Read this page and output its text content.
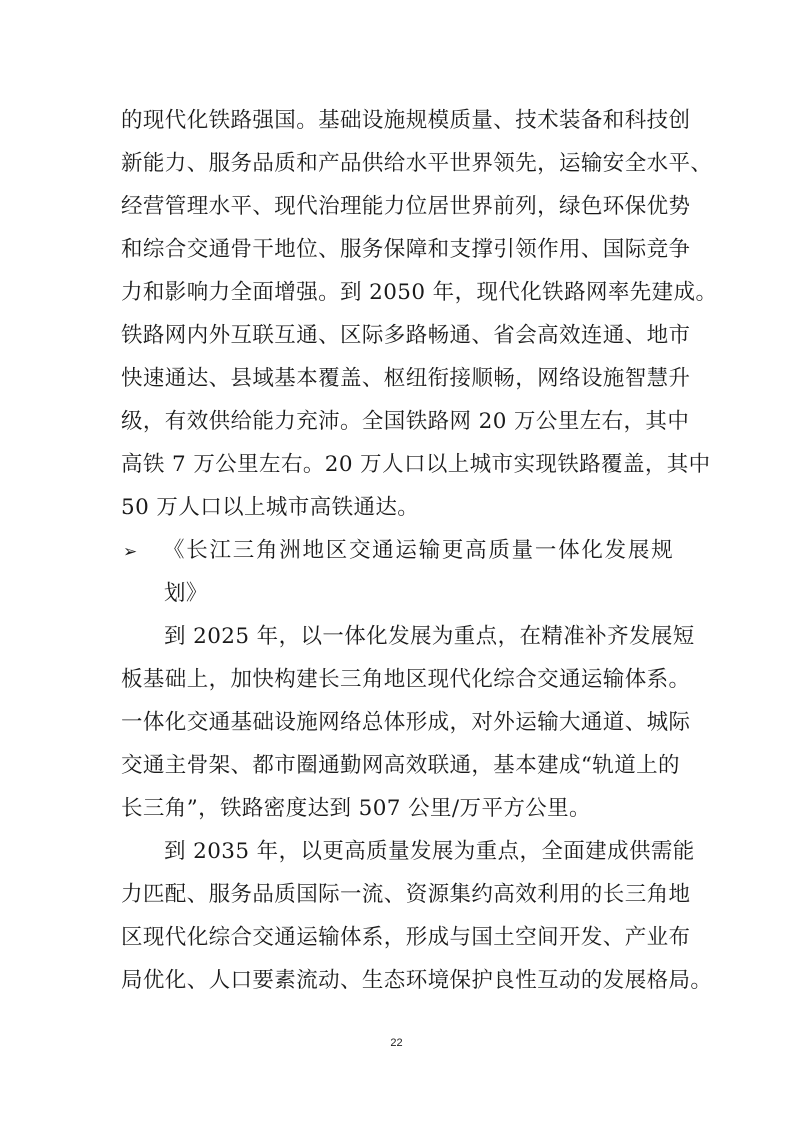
的现代化铁路强国。基础设施规模质量、技术装备和科技创
新能力、服务品质和产品供给水平世界领先，运输安全水平、
经营管理水平、现代治理能力位居世界前列，绿色环保优势
和综合交通骨干地位、服务保障和支撑引领作用、国际竞争
力和影响力全面增强。到 2050 年，现代化铁路网率先建成。
铁路网内外互联互通、区际多路畅通、省会高效连通、地市
快速通达、县域基本覆盖、枢纽衔接顺畅，网络设施智慧升
级，有效供给能力充沛。全国铁路网 20 万公里左右，其中
高铁 7 万公里左右。20 万人口以上城市实现铁路覆盖，其中
50 万人口以上城市高铁通达。
➢ 《长江三角洲地区交通运输更高质量一体化发展规
划》
到 2025 年，以一体化发展为重点，在精准补齐发展短
板基础上，加快构建长三角地区现代化综合交通运输体系。
一体化交通基础设施网络总体形成，对外运输大通道、城际
交通主骨架、都市圈通勤网高效联通，基本建成“轨道上的
长三角”，铁路密度达到 507 公里/万平方公里。
到 2035 年，以更高质量发展为重点，全面建成供需能
力匹配、服务品质国际一流、资源集约高效利用的长三角地
区现代化综合交通运输体系，形成与国土空间开发、产业布
局优化、人口要素流动、生态环境保护良性互动的发展格局。
22
